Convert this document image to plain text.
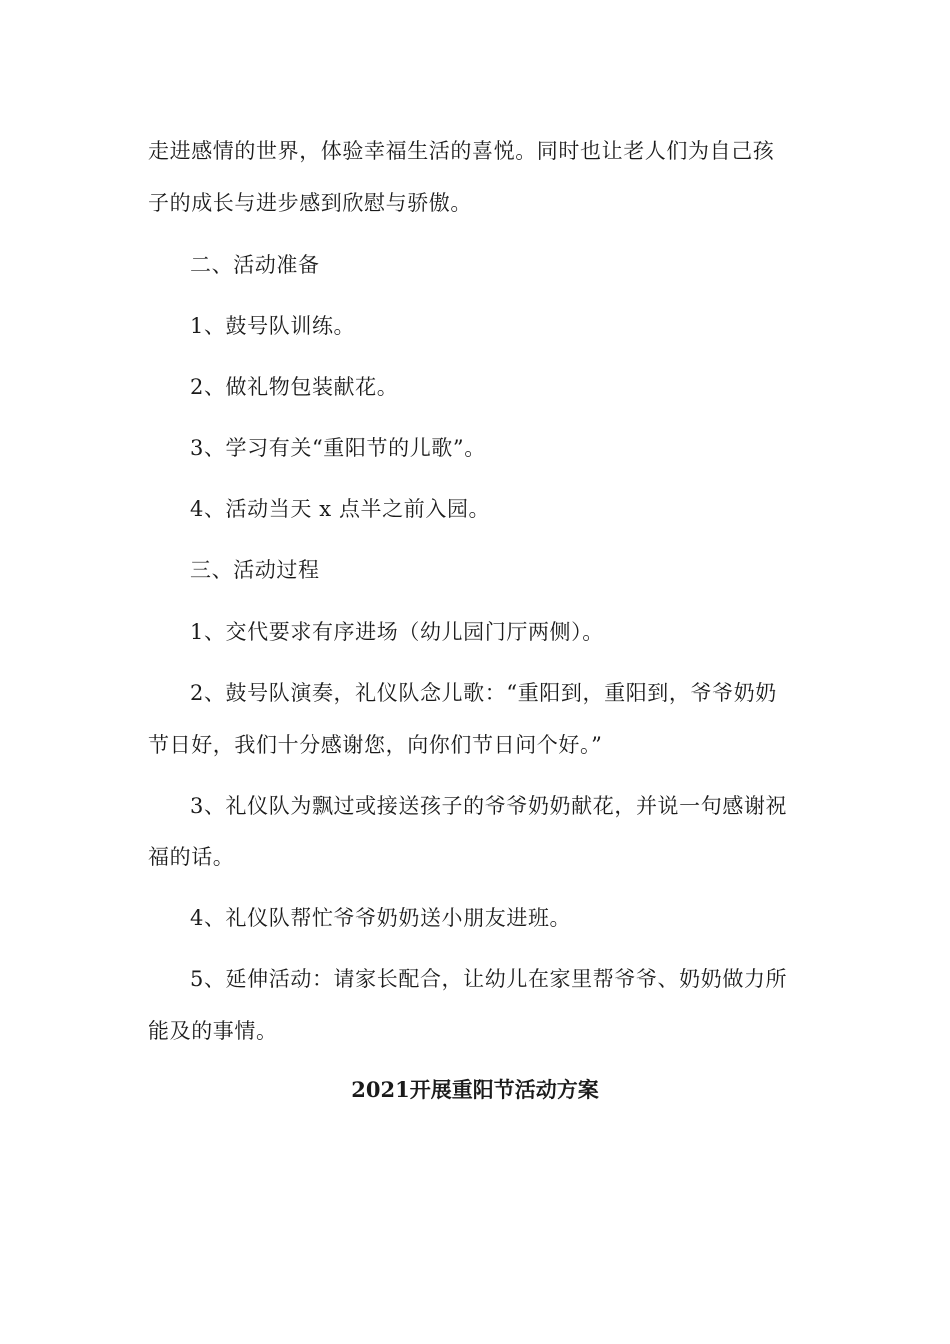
走进感情的世界，体验幸福生活的喜悦。同时也让老人们为自己孩
子的成长与进步感到欣慰与骄傲。
二、活动准备
1、鼓号队训练。
2、做礼物包装献花。
3、学习有关“重阳节的儿歌”。
4、活动当天 x 点半之前入园。
三、活动过程
1、交代要求有序进场（幼儿园门厅两侧）。
2、鼓号队演奏，礼仪队念儿歌：“重阳到，重阳到，爷爷奶奶
节日好，我们十分感谢您，向你们节日问个好。”
3、礼仪队为飘过或接送孩子的爷爷奶奶献花，并说一句感谢祝
福的话。
4、礼仪队帮忙爷爷奶奶送小朋友进班。
5、延伸活动：请家长配合，让幼儿在家里帮爷爷、奶奶做力所
能及的事情。
2021开展重阳节活动方案
